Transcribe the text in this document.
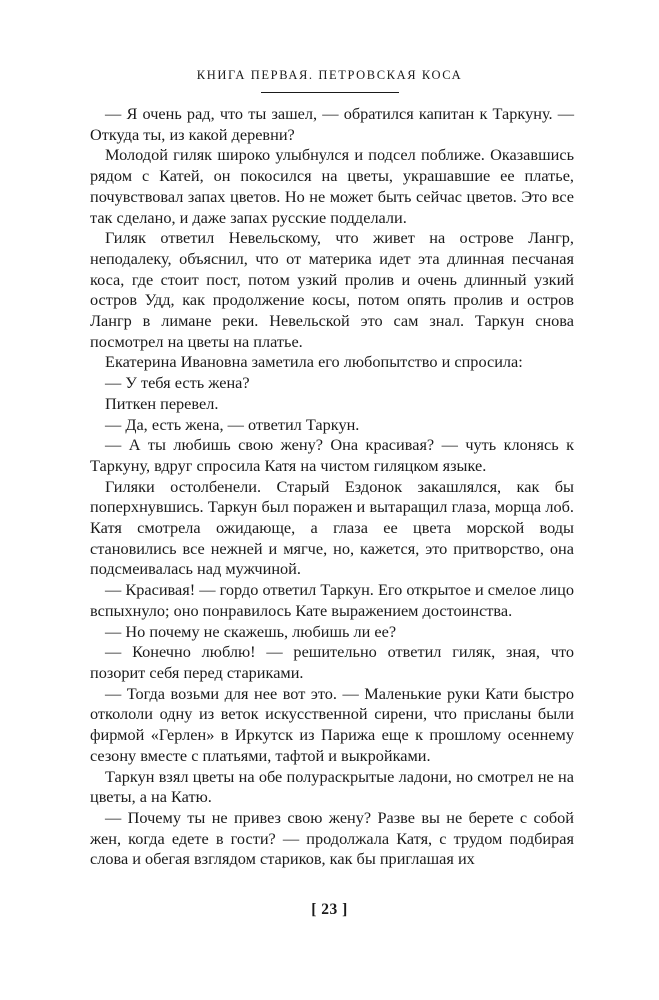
КНИГА ПЕРВАЯ. ПЕТРОВСКАЯ КОСА

— Я очень рад, что ты зашел, — обратился капитан к Таркуну. — Откуда ты, из какой деревни?

Молодой гиляк широко улыбнулся и подсел поближе. Оказавшись рядом с Катей, он покосился на цветы, украшавшие ее платье, почувствовал запах цветов. Но не может быть сейчас цветов. Это все так сделано, и даже запах русские подделали.

Гиляк ответил Невельскому, что живет на острове Лангр, неподалеку, объяснил, что от материка идет эта длинная песчаная коса, где стоит пост, потом узкий пролив и очень длинный узкий остров Удд, как продолжение косы, потом опять пролив и остров Лангр в лимане реки. Невельской это сам знал. Таркун снова посмотрел на цветы на платье.

Екатерина Ивановна заметила его любопытство и спросила:

— У тебя есть жена?

Питкен перевел.

— Да, есть жена, — ответил Таркун.

— А ты любишь свою жену? Она красивая? — чуть клонясь к Таркуну, вдруг спросила Катя на чистом гиляцком языке.

Гиляки остолбенели. Старый Ездонок закашлялся, как бы поперхнувшись. Таркун был поражен и вытаращил глаза, морща лоб. Катя смотрела ожидающе, а глаза ее цвета морской воды становились все нежней и мягче, но, кажется, это притворство, она подсмеивалась над мужчиной.

— Красивая! — гордо ответил Таркун. Его открытое и смелое лицо вспыхнуло; оно понравилось Кате выражением достоинства.

— Но почему не скажешь, любишь ли ее?

— Конечно люблю! — решительно ответил гиляк, зная, что позорит себя перед стариками.

— Тогда возьми для нее вот это. — Маленькие руки Кати быстро откололи одну из веток искусственной сирени, что присланы были фирмой «Герлен» в Иркутск из Парижа еще к прошлому осеннему сезону вместе с платьями, тафтой и выкройками.

Таркун взял цветы на обе полураскрытые ладони, но смотрел не на цветы, а на Катю.

— Почему ты не привез свою жену? Разве вы не берете с собой жен, когда едете в гости? — продолжала Катя, с трудом подбирая слова и обегая взглядом стариков, как бы приглашая их

[ 23 ]
